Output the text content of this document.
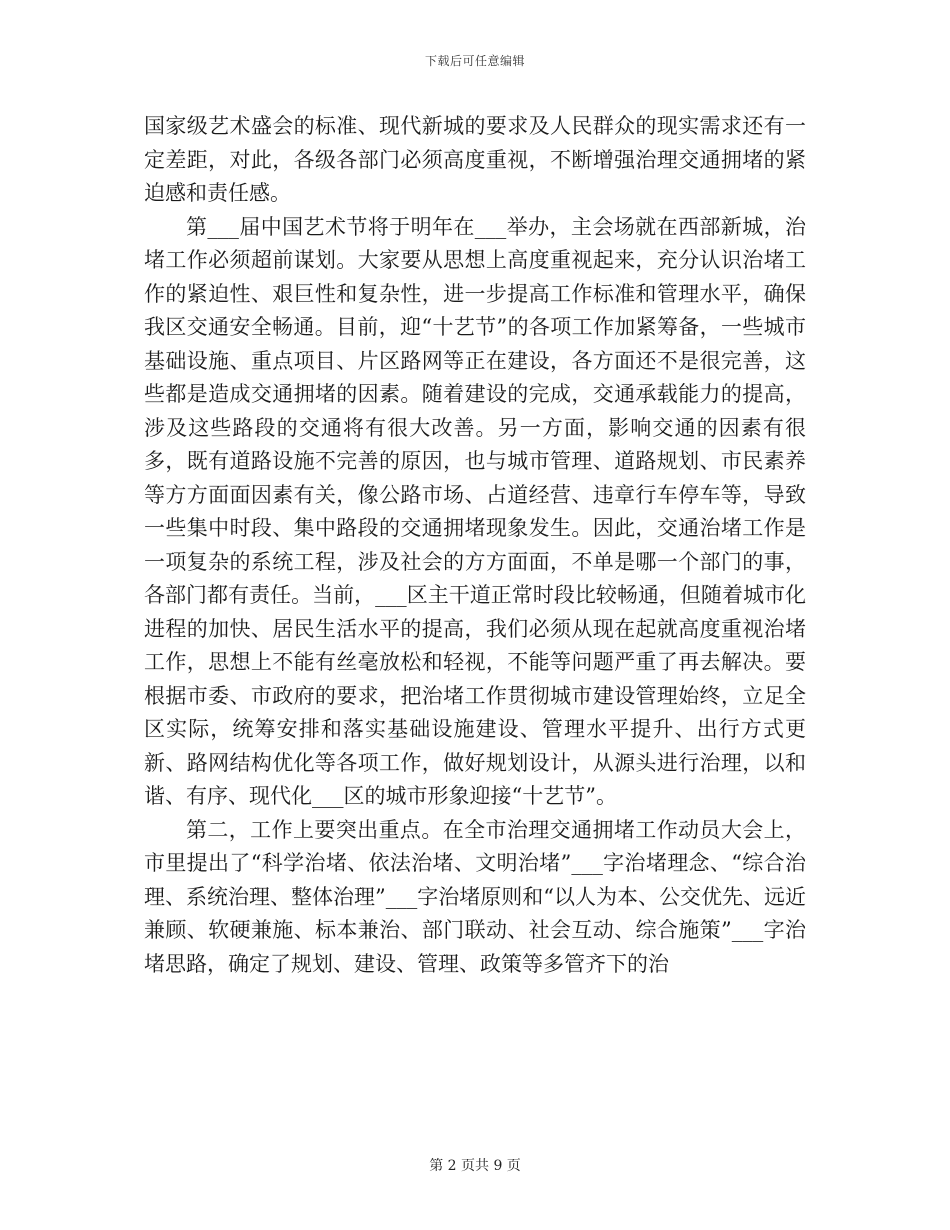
下载后可任意编辑

国家级艺术盛会的标准、现代新城的要求及人民群众的现实需求还有一定差距，对此，各级各部门必须高度重视，不断增强治理交通拥堵的紧迫感和责任感。

第___届中国艺术节将于明年在___举办，主会场就在西部新城，治堵工作必须超前谋划。大家要从思想上高度重视起来，充分认识治堵工作的紧迫性、艰巨性和复杂性，进一步提高工作标准和管理水平，确保我区交通安全畅通。目前，迎“十艺节”的各项工作加紧筹备，一些城市基础设施、重点项目、片区路网等正在建设，各方面还不是很完善，这些都是造成交通拥堵的因素。随着建设的完成，交通承载能力的提高，涉及这些路段的交通将有很大改善。另一方面，影响交通的因素有很多，既有道路设施不完善的原因，也与城市管理、道路规划、市民素养等方方面面因素有关，像公路市场、占道经营、违章行车停车等，导致一些集中时段、集中路段的交通拥堵现象发生。因此，交通治堵工作是一项复杂的系统工程，涉及社会的方方面面，不单是哪一个部门的事，各部门都有责任。当前，___区主干道正常时段比较畅通，但随着城市化进程的加快、居民生活水平的提高，我们必须从现在起就高度重视治堵工作，思想上不能有丝毫放松和轻视，不能等问题严重了再去解决。要根据市委、市政府的要求，把治堵工作贯彻城市建设管理始终，立足全区实际，统筹安排和落实基础设施建设、管理水平提升、出行方式更新、路网结构优化等各项工作，做好规划设计，从源头进行治理，以和谐、有序、现代化___区的城市形象迎接“十艺节”。

第二，工作上要突出重点。在全市治理交通拥堵工作动员大会上，市里提出了“科学治堵、依法治堵、文明治堵”___字治堵理念、“综合治理、系统治理、整体治理”___字治堵原则和“以人为本、公交优先、远近兼顾、软硬兼施、标本兼治、部门联动、社会互动、综合施策”___字治堵思路，确定了规划、建设、管理、政策等多管齐下的治

第 2 页共 9 页
